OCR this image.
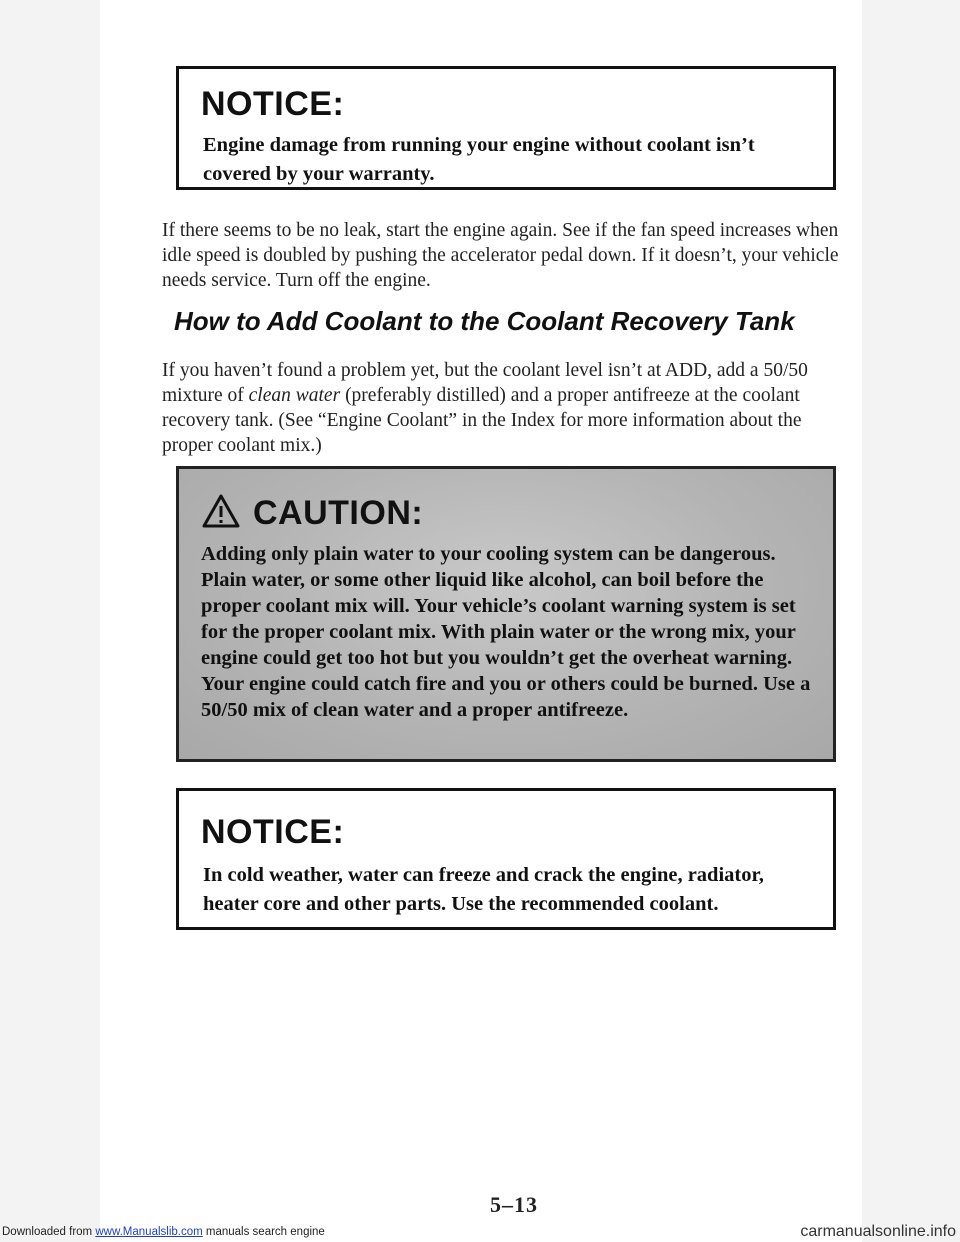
NOTICE:
Engine damage from running your engine without coolant isn’t covered by your warranty.
If there seems to be no leak, start the engine again. See if the fan speed increases when idle speed is doubled by pushing the accelerator pedal down. If it doesn’t, your vehicle needs service. Turn off the engine.
How to Add Coolant to the Coolant Recovery Tank
If you haven’t found a problem yet, but the coolant level isn’t at ADD, add a 50/50 mixture of clean water (preferably distilled) and a proper antifreeze at the coolant recovery tank. (See “Engine Coolant” in the Index for more information about the proper coolant mix.)
CAUTION:
Adding only plain water to your cooling system can be dangerous. Plain water, or some other liquid like alcohol, can boil before the proper coolant mix will. Your vehicle’s coolant warning system is set for the proper coolant mix. With plain water or the wrong mix, your engine could get too hot but you wouldn’t get the overheat warning. Your engine could catch fire and you or others could be burned. Use a 50/50 mix of clean water and a proper antifreeze.
NOTICE:
In cold weather, water can freeze and crack the engine, radiator, heater core and other parts. Use the recommended coolant.
5–13
Downloaded from www.Manualslib.com manuals search engine	carmanualsonline.info
